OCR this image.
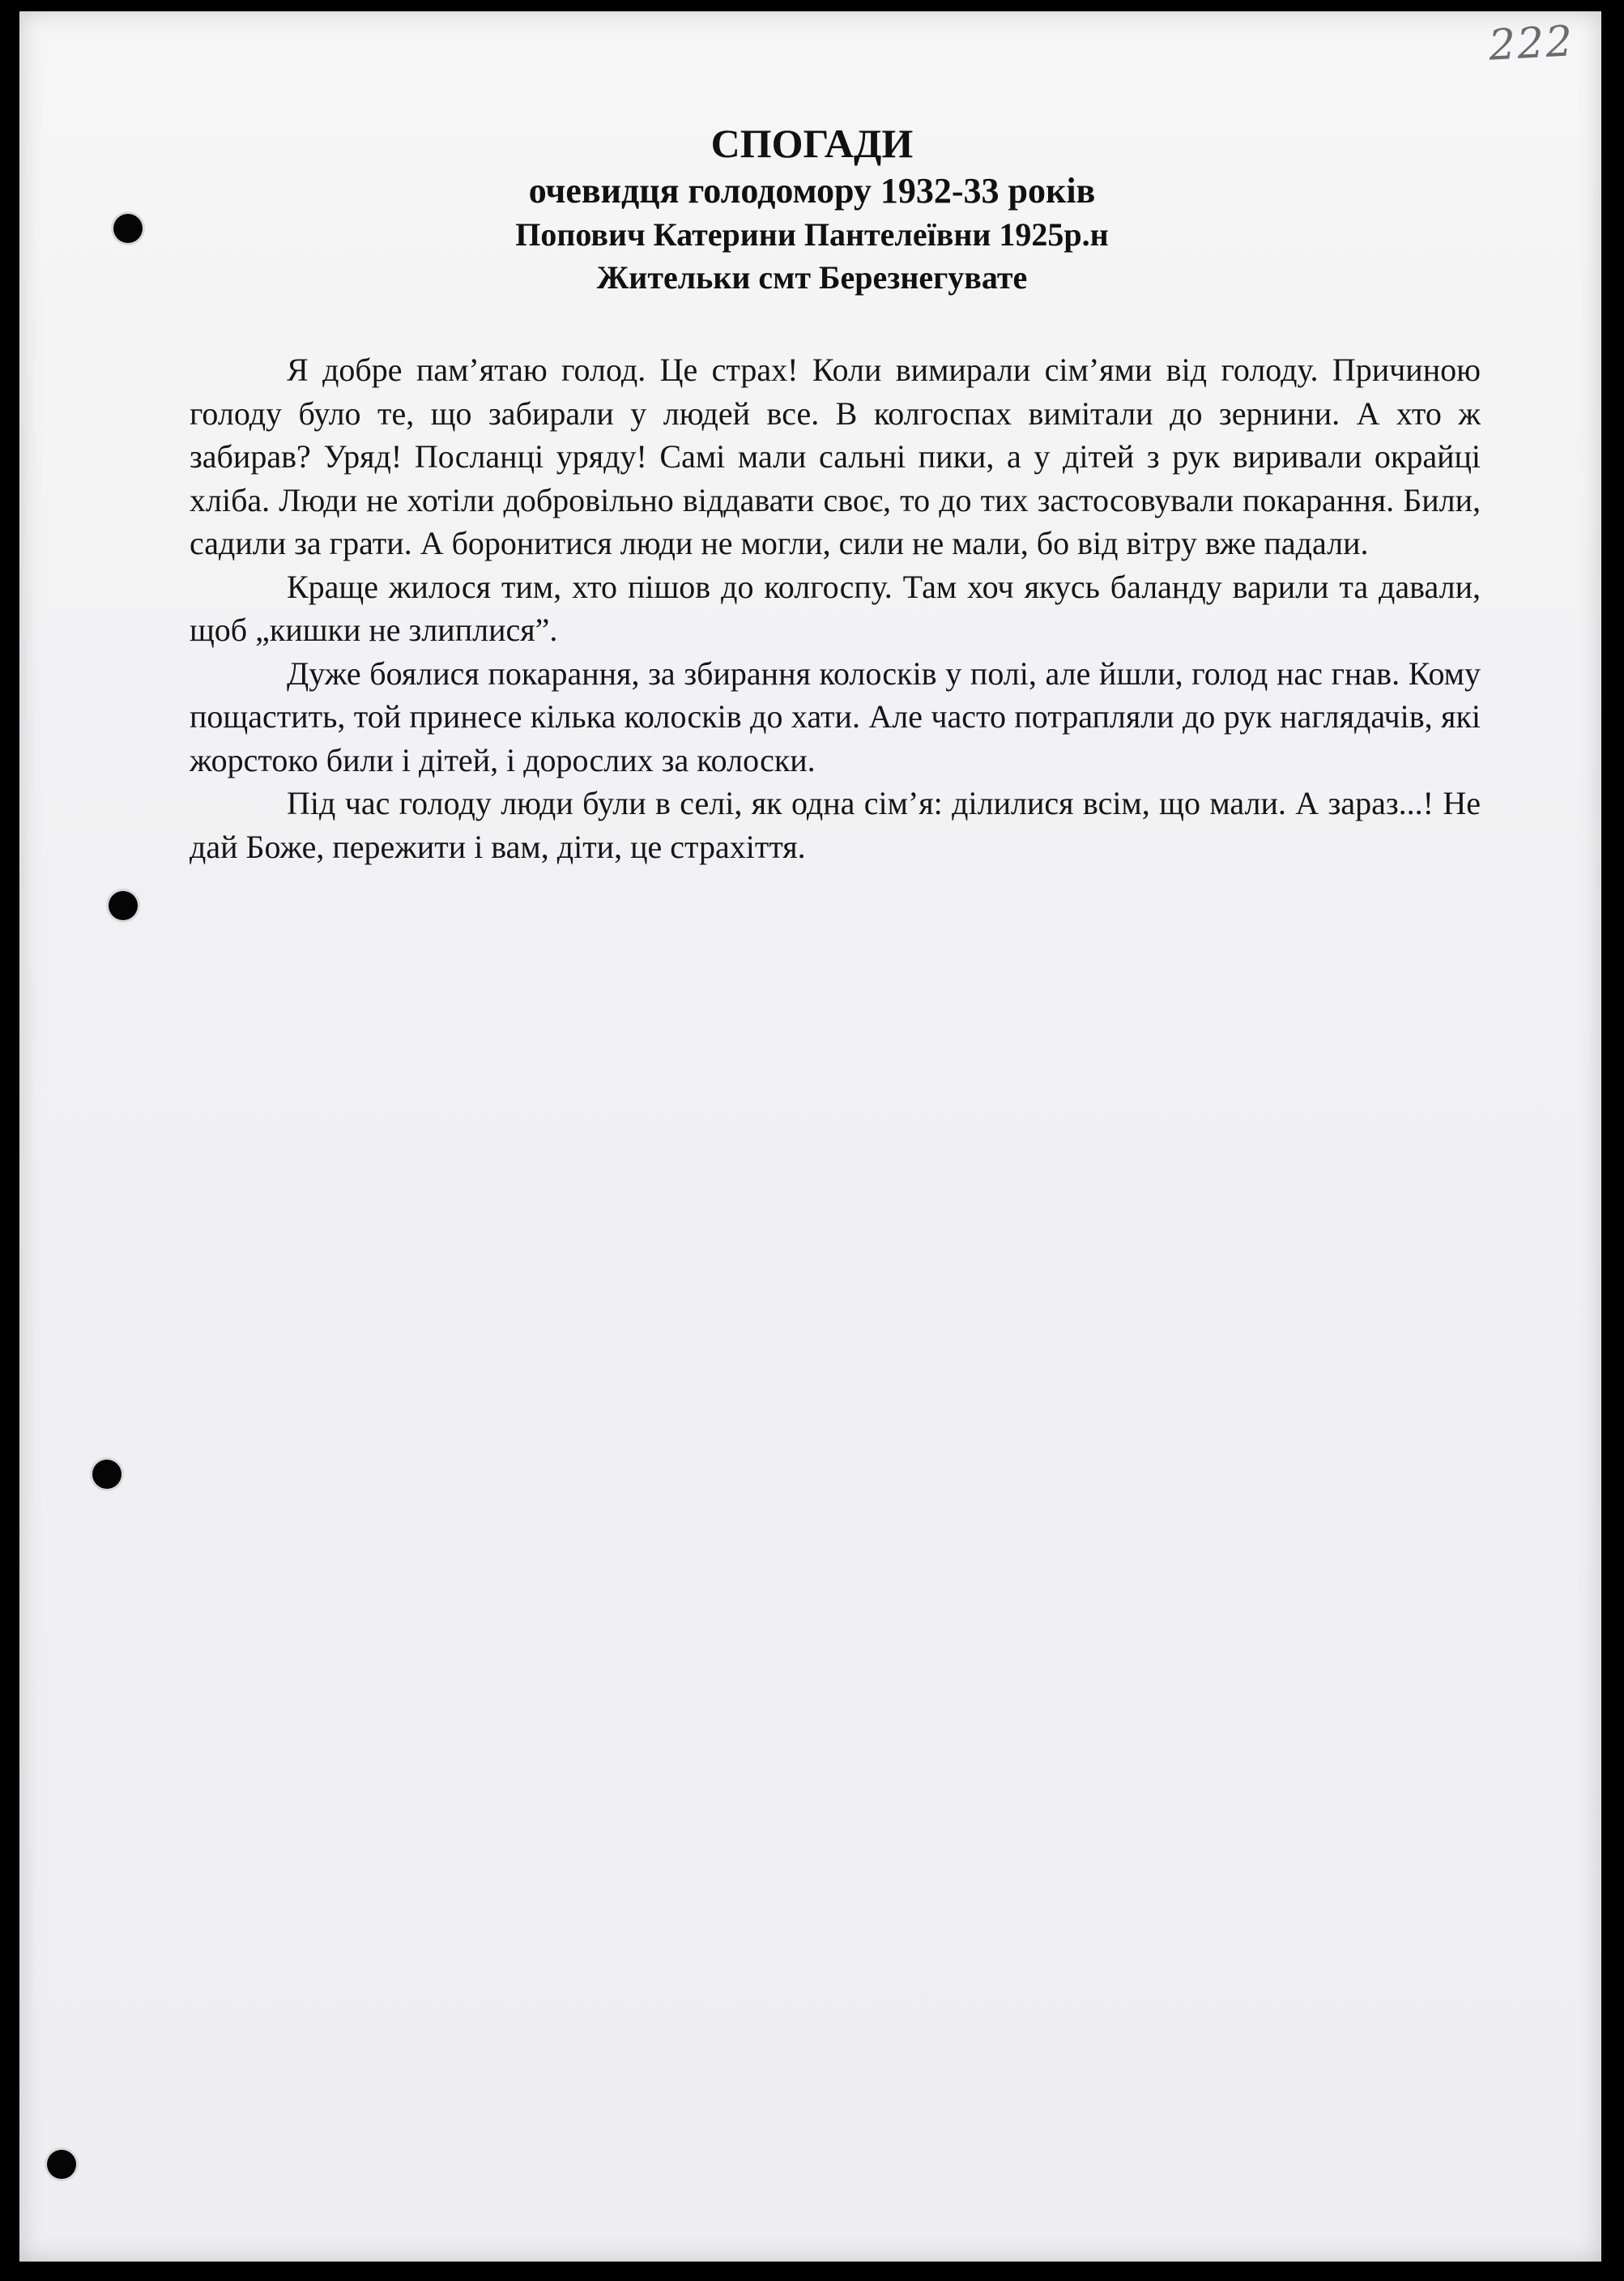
222
СПОГАДИ
очевидця голодомору 1932-33 років
Попович Катерини Пантелеївни 1925р.н
Жительки смт Березнегувате

Я добре пам’ятаю голод. Це страх! Коли вимирали сім’ями від голоду. Причиною голоду було те, що забирали у людей все. В колгоспах вимітали до зернини. А хто ж забирав? Уряд! Посланці уряду! Самі мали сальні пики, а у дітей з рук виривали окрайці хліба. Люди не хотіли добровільно віддавати своє, то до тих застосовували покарання. Били, садили за грати. А боронитися люди не могли, сили не мали, бо від вітру вже падали.

Краще жилося тим, хто пішов до колгоспу. Там хоч якусь баланду варили та давали, щоб „кишки не злиплися”.

Дуже боялися покарання, за збирання колосків у полі, але йшли, голод нас гнав. Кому пощастить, той принесе кілька колосків до хати. Але часто потрапляли до рук наглядачів, які жорстоко били і дітей, і дорослих за колоски.

Під час голоду люди були в селі, як одна сім’я: ділилися всім, що мали. А зараз...! Не дай Боже, пережити і вам, діти, це страхіття.
